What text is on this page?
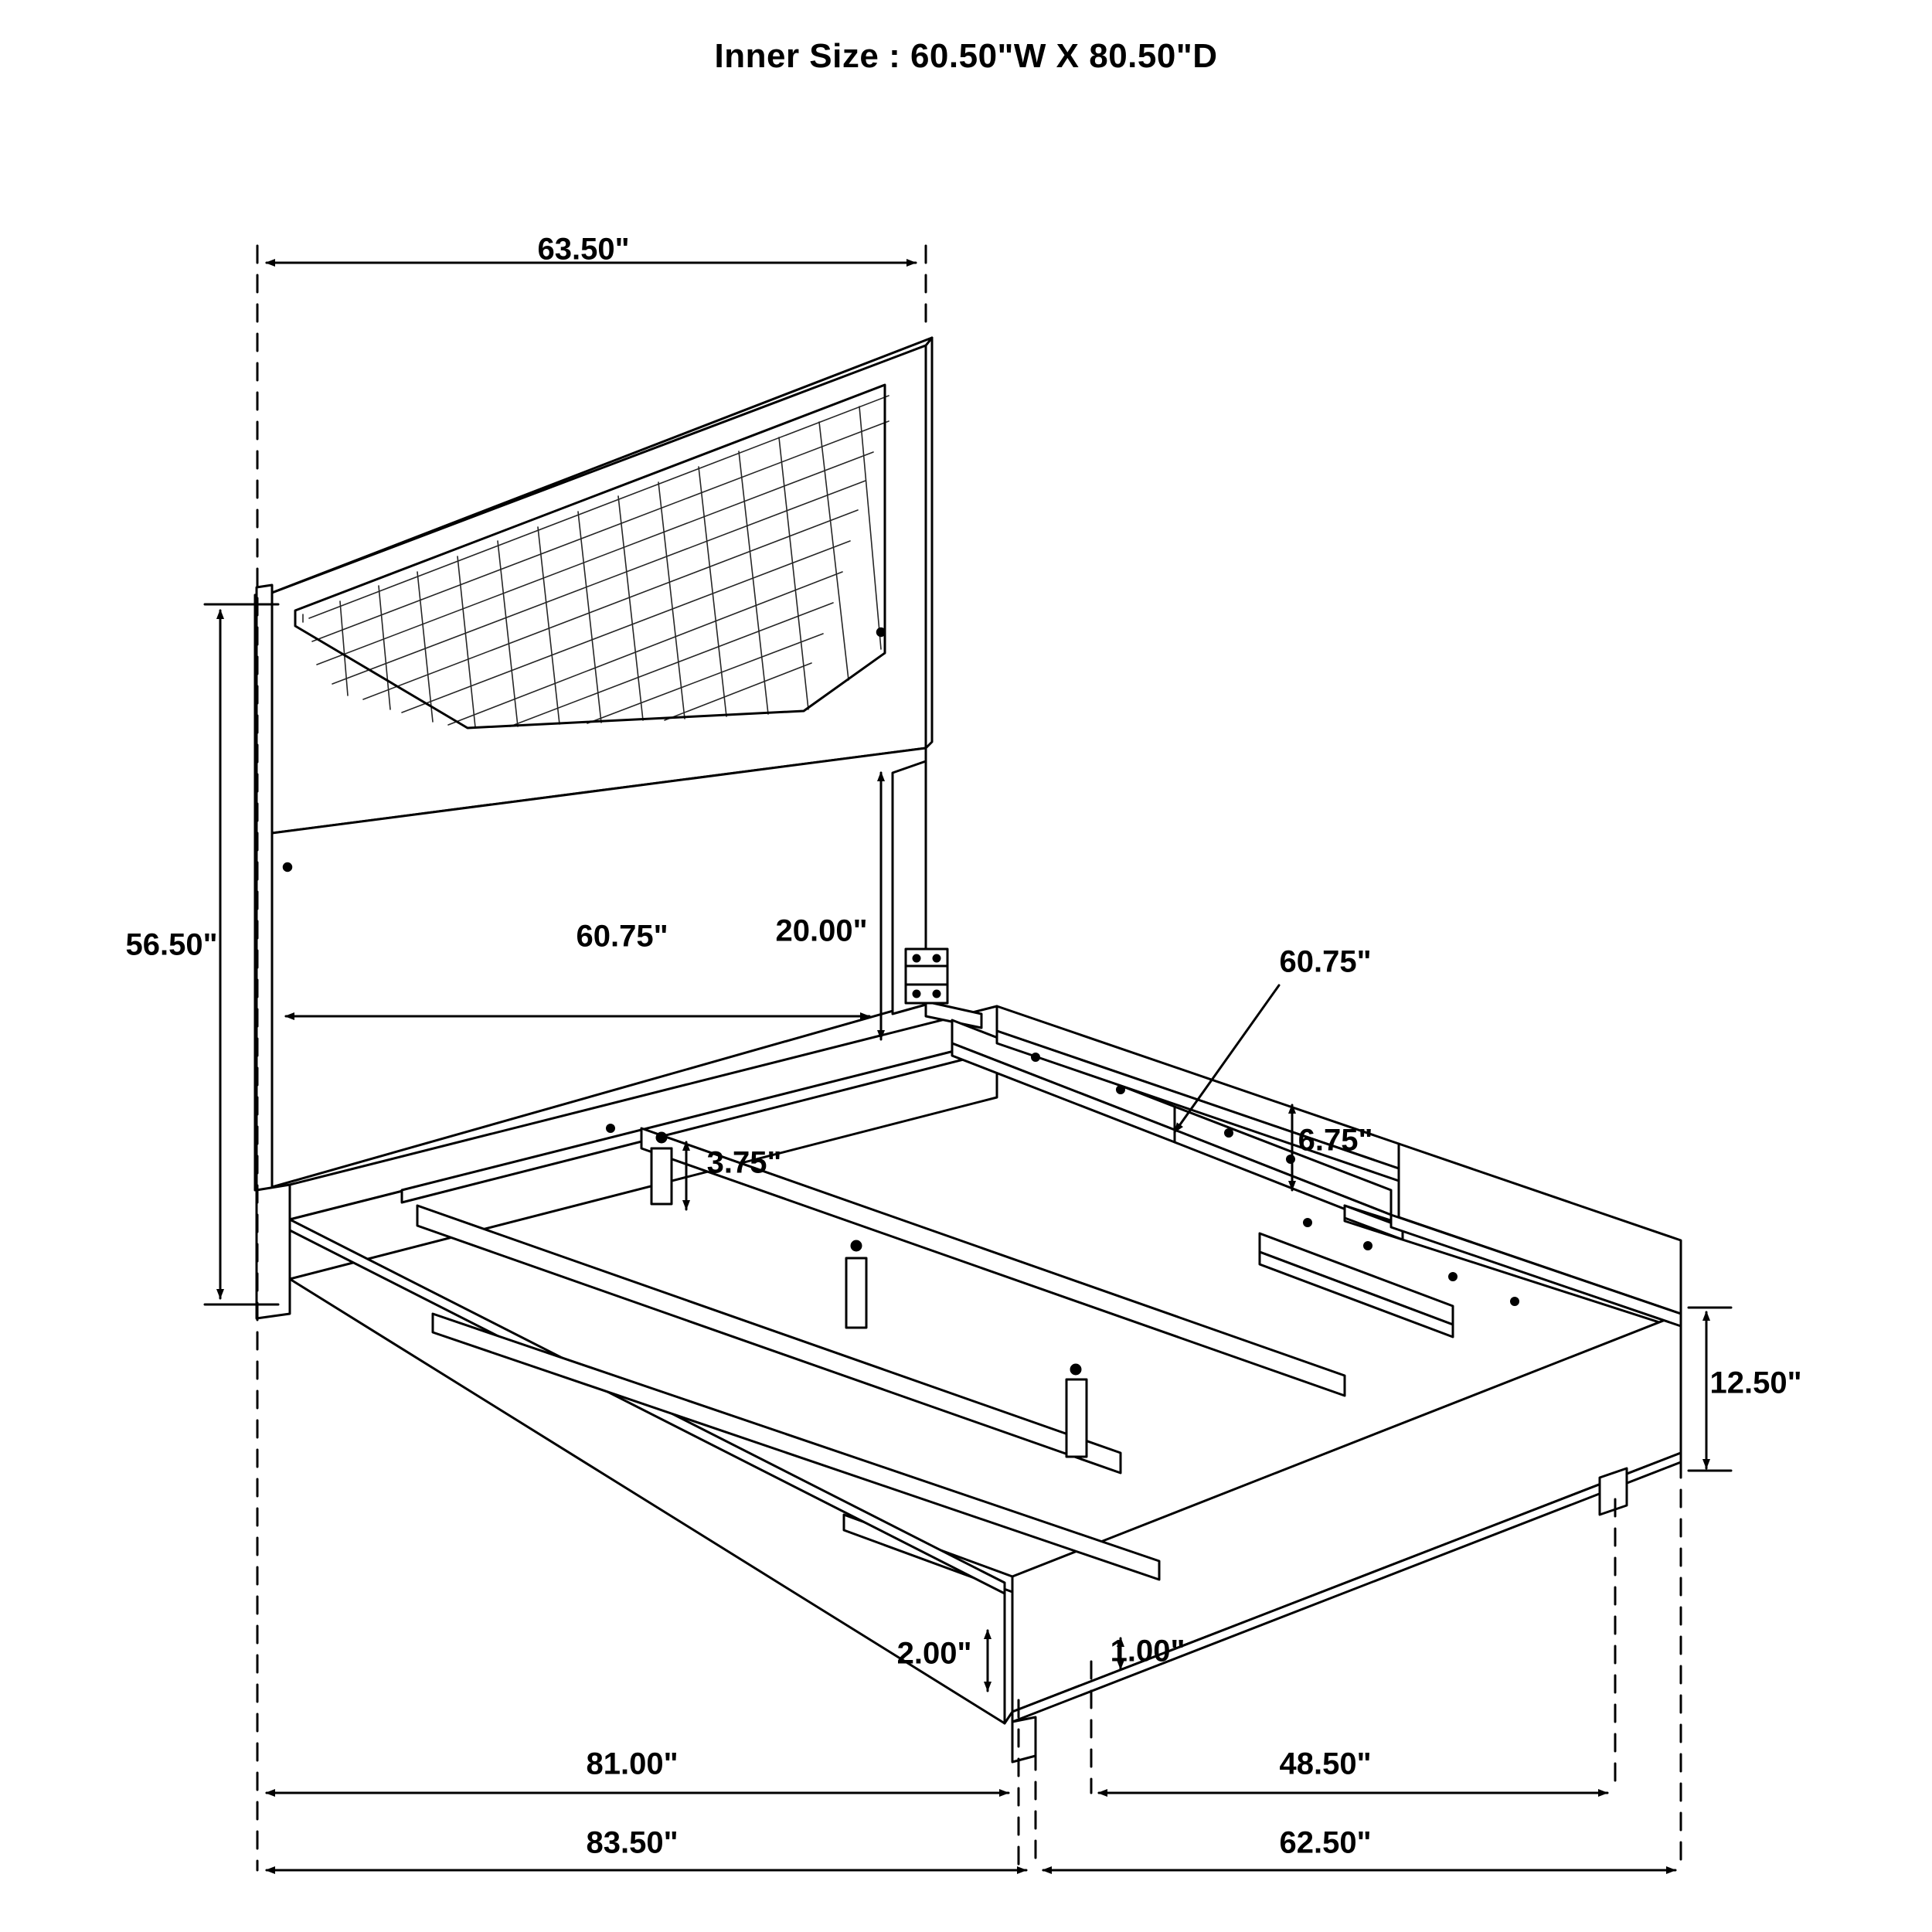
Inner Size : 60.50"W X 80.50"D
63.50"
56.50"	60.75"	20.00"
3.75"
60.75"
6.75"
12.50"
2.00"	1.00"
81.00"	48.50"
83.50"	62.50"
